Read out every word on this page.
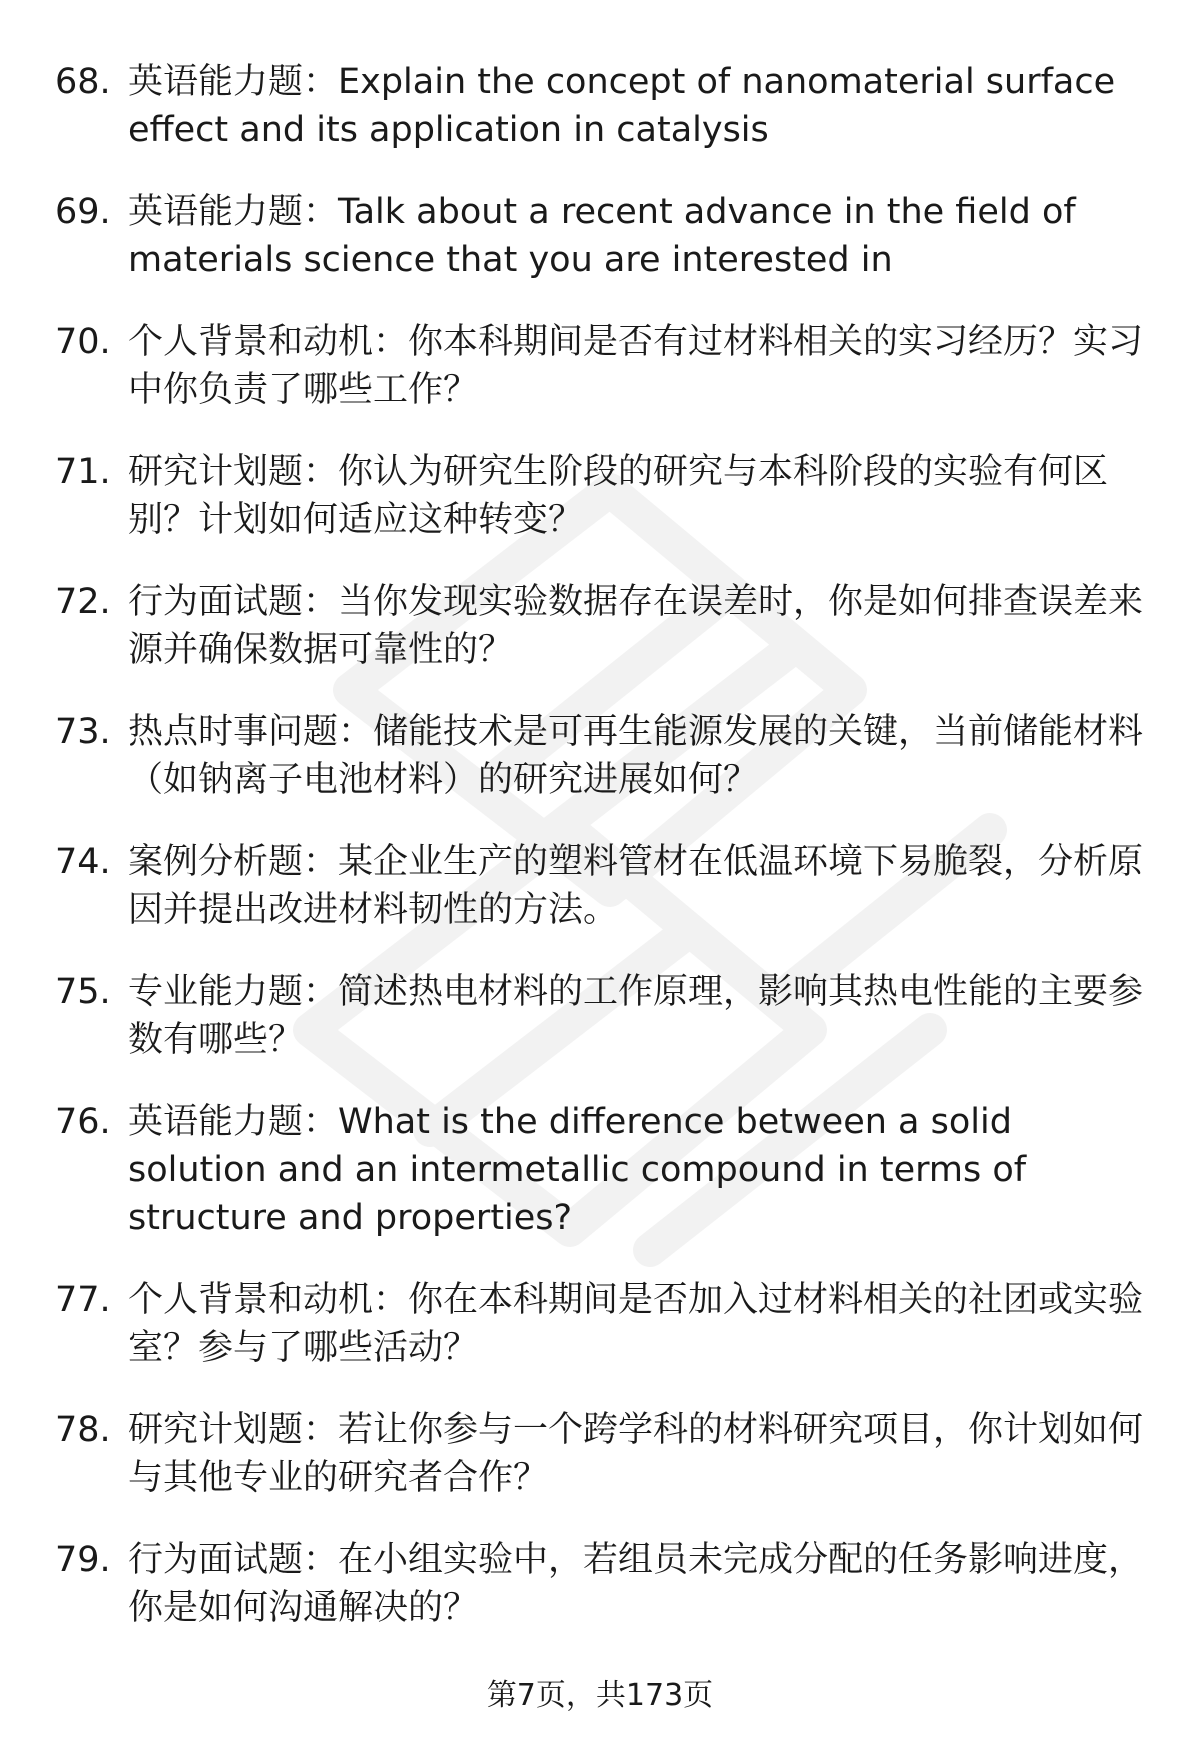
68. 英语能力题：Explain the concept of nanomaterial surface effect and its application in catalysis
69. 英语能力题：Talk about a recent advance in the field of materials science that you are interested in
70. 个人背景和动机：你本科期间是否有过材料相关的实习经历？实习中你负责了哪些工作？
71. 研究计划题：你认为研究生阶段的研究与本科阶段的实验有何区别？计划如何适应这种转变？
72. 行为面试题：当你发现实验数据存在误差时，你是如何排查误差来源并确保数据可靠性的？
73. 热点时事问题：储能技术是可再生能源发展的关键，当前储能材料（如钠离子电池材料）的研究进展如何？
74. 案例分析题：某企业生产的塑料管材在低温环境下易脆裂，分析原因并提出改进材料韧性的方法。
75. 专业能力题：简述热电材料的工作原理，影响其热电性能的主要参数有哪些？
76. 英语能力题：What is the difference between a solid solution and an intermetallic compound in terms of structure and properties?
77. 个人背景和动机：你在本科期间是否加入过材料相关的社团或实验室？参与了哪些活动？
78. 研究计划题：若让你参与一个跨学科的材料研究项目，你计划如何与其他专业的研究者合作？
79. 行为面试题：在小组实验中，若组员未完成分配的任务影响进度，你是如何沟通解决的？
第7页，共173页
